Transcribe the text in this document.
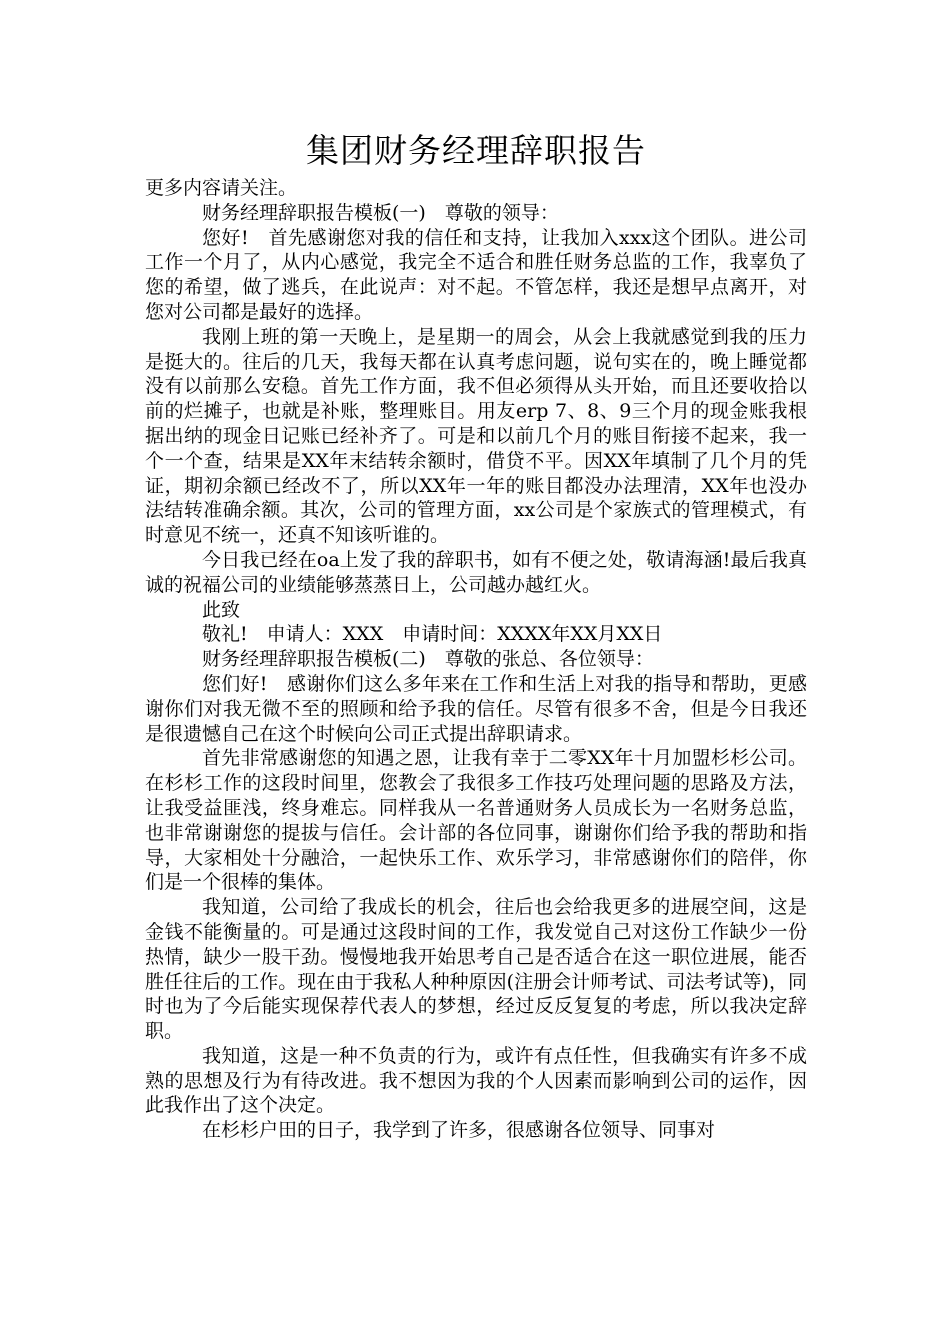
集团财务经理辞职报告

更多内容请关注。

财务经理辞职报告模板(一)　尊敬的领导：

您好!　首先感谢您对我的信任和支持，让我加入xxx这个团队。进公司工作一个月了，从内心感觉，我完全不适合和胜任财务总监的工作，我辜负了您的希望，做了逃兵，在此说声：对不起。不管怎样，我还是想早点离开，对您对公司都是最好的选择。

我刚上班的第一天晚上，是星期一的周会，从会上我就感觉到我的压力是挺大的。往后的几天，我每天都在认真考虑问题，说句实在的，晚上睡觉都没有以前那么安稳。首先工作方面，我不但必须得从头开始，而且还要收拾以前的烂摊子，也就是补账，整理账目。用友erp 7、8、9三个月的现金账我根据出纳的现金日记账已经补齐了。可是和以前几个月的账目衔接不起来，我一个一个查，结果是XX年末结转余额时，借贷不平。因XX年填制了几个月的凭证，期初余额已经改不了，所以XX年一年的账目都没办法理清，XX年也没办法结转准确余额。其次，公司的管理方面，xx公司是个家族式的管理模式，有时意见不统一，还真不知该听谁的。

今日我已经在oa上发了我的辞职书，如有不便之处，敬请海涵!最后我真诚的祝福公司的业绩能够蒸蒸日上，公司越办越红火。

此致

敬礼!　申请人：XXX　申请时间：XXXX年XX月XX日

财务经理辞职报告模板(二)　尊敬的张总、各位领导：

您们好!　感谢你们这么多年来在工作和生活上对我的指导和帮助，更感谢你们对我无微不至的照顾和给予我的信任。尽管有很多不舍，但是今日我还是很遗憾自己在这个时候向公司正式提出辞职请求。

首先非常感谢您的知遇之恩，让我有幸于二零XX年十月加盟杉杉公司。在杉杉工作的这段时间里，您教会了我很多工作技巧处理问题的思路及方法，让我受益匪浅，终身难忘。同样我从一名普通财务人员成长为一名财务总监，也非常谢谢您的提拔与信任。会计部的各位同事，谢谢你们给予我的帮助和指导，大家相处十分融洽，一起快乐工作、欢乐学习，非常感谢你们的陪伴，你们是一个很棒的集体。

我知道，公司给了我成长的机会，往后也会给我更多的进展空间，这是金钱不能衡量的。可是通过这段时间的工作，我发觉自己对这份工作缺少一份热情，缺少一股干劲。慢慢地我开始思考自己是否适合在这一职位进展，能否胜任往后的工作。现在由于我私人种种原因(注册会计师考试、司法考试等)，同时也为了今后能实现保荐代表人的梦想，经过反反复复的考虑，所以我决定辞职。

我知道，这是一种不负责的行为，或许有点任性，但我确实有许多不成熟的思想及行为有待改进。我不想因为我的个人因素而影响到公司的运作，因此我作出了这个决定。

在杉杉户田的日子，我学到了许多，很感谢各位领导、同事对
